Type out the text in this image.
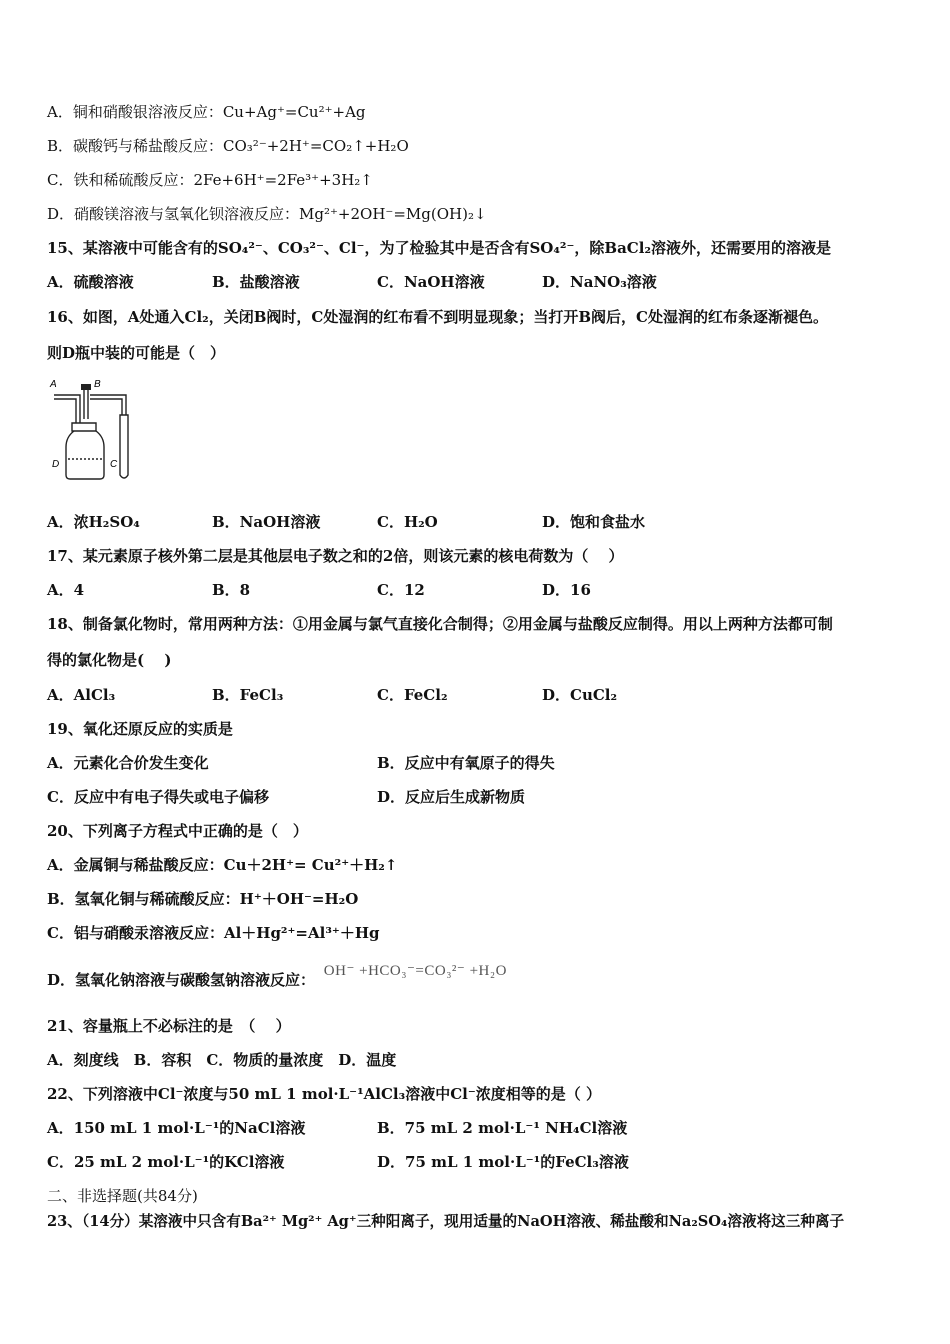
A．铜和硝酸银溶液反应：Cu+Ag⁺=Cu²⁺+Ag
B．碳酸钙与稀盐酸反应：CO₃²⁻+2H⁺=CO₂↑+H₂O
C．铁和稀硫酸反应：2Fe+6H⁺=2Fe³⁺+3H₂↑
D．硝酸镁溶液与氢氧化钡溶液反应：Mg²⁺+2OH⁻=Mg(OH)₂↓
15、某溶液中可能含有的SO₄²⁻、CO₃²⁻、Cl⁻，为了检验其中是否含有SO₄²⁻，除BaCl₂溶液外，还需要用的溶液是
A．硫酸溶液	B．盐酸溶液	C．NaOH溶液	D．NaNO₃溶液
16、如图，A处通入Cl₂，关闭B阀时，C处湿润的红布看不到明显现象；当打开B阀后，C处湿润的红布条逐渐褪色。
则D瓶中装的可能是（　）
A	B
D	C
A．浓H₂SO₄	B．NaOH溶液	C．H₂O	D．饱和食盐水
17、某元素原子核外第二层是其他层电子数之和的2倍，则该元素的核电荷数为（　 ）
A．4	B．8	C．12	D．16
18、制备氯化物时，常用两种方法：①用金属与氯气直接化合制得；②用金属与盐酸反应制得。用以上两种方法都可制
得的氯化物是(　 )
A．AlCl₃	B．FeCl₃	C．FeCl₂	D．CuCl₂
19、氧化还原反应的实质是
A．元素化合价发生变化	B．反应中有氧原子的得失
C．反应中有电子得失或电子偏移	D．反应后生成新物质
20、下列离子方程式中正确的是（　）
A．金属铜与稀盐酸反应：Cu＋2H⁺= Cu²⁺＋H₂↑
B．氢氧化铜与稀硫酸反应：H⁺＋OH⁻=H₂O
C．铝与硝酸汞溶液反应：Al＋Hg²⁺=Al³⁺＋Hg
D．氢氧化钠溶液与碳酸氢钠溶液反应： OH⁻ +HCO₃⁻=CO₃²⁻ +H₂O
21、容量瓶上不必标注的是　（　 ）
A．刻度线　B．容积　C．物质的量浓度　D．温度
22、下列溶液中Cl⁻浓度与50 mL 1 mol·L⁻¹AlCl₃溶液中Cl⁻浓度相等的是（ ）
A．150 mL 1 mol·L⁻¹的NaCl溶液	B．75 mL 2 mol·L⁻¹ NH₄Cl溶液
C．25 mL 2 mol·L⁻¹的KCl溶液	D．75 mL 1 mol·L⁻¹的FeCl₃溶液
二、非选择题(共84分)
23、（14分）某溶液中只含有Ba²⁺ Mg²⁺ Ag⁺三种阳离子，现用适量的NaOH溶液、稀盐酸和Na₂SO₄溶液将这三种离子
